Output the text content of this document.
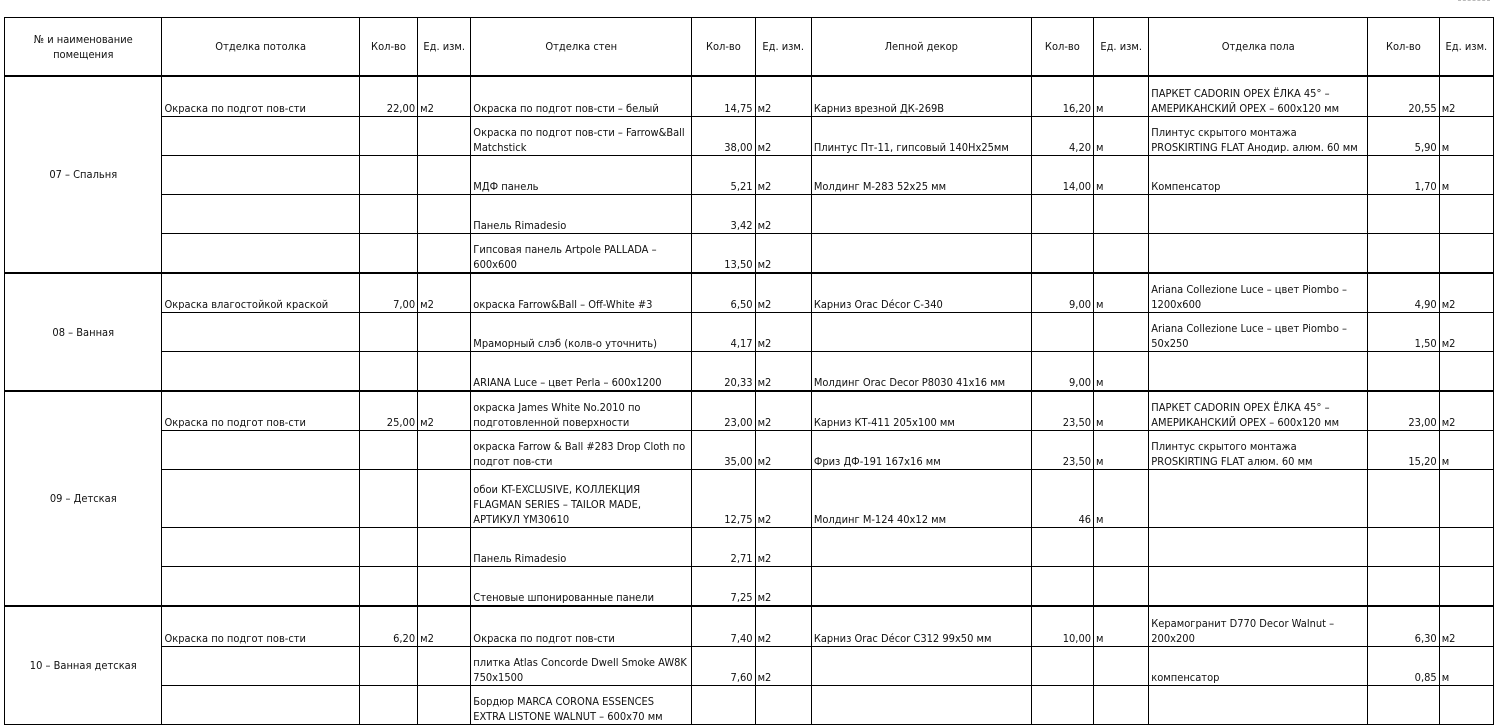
№ и наименование помещения	Отделка потолка	Кол-во	Ед. изм.	Отделка стен	Кол-во	Ед. изм.	Лепной декор	Кол-во	Ед. изм.	Отделка пола	Кол-во	Ед. изм.
07 – Спальня	Окраска по подгот пов-сти	22,00	м2	Окраска по подгот пов-сти – белый	14,75	м2	Карниз врезной ДК-269В	16,20	м	ПАРКЕТ CADORIN ОРЕХ ЁЛКА 45° – АМЕРИКАНСКИЙ ОРЕХ – 600х120 мм	20,55	м2
				Окраска по подгот пов-сти – Farrow&Ball Matchstick	38,00	м2	Плинтус Пт-11, гипсовый 140Нх25мм	4,20	м	Плинтус скрытого монтажа PROSKIRTING FLAT Анодир. алюм. 60 мм	5,90	м
				МДФ панель	5,21	м2	Молдинг М-283 52х25 мм	14,00	м	Компенсатор	1,70	м
				Панель Rimadesio	3,42	м2						
				Гипсовая панель Artpole PALLADA – 600х600	13,50	м2						
08 – Ванная	Окраска влагостойкой краской	7,00	м2	окраска Farrow&Ball – Off-White #3	6,50	м2	Карниз Orac Décor C-340	9,00	м	Ariana Collezione Luce – цвет Piombo – 1200х600	4,90	м2
				Мраморный слэб (колв-о уточнить)	4,17	м2				Ariana Collezione Luce – цвет Piombo – 50х250	1,50	м2
				ARIANA Luce – цвет Perla – 600х1200	20,33	м2	Молдинг Orac Decor P8030 41х16 мм	9,00	м			
09 – Детская	Окраска по подгот пов-сти	25,00	м2	окраска James White No.2010 по подготовленной поверхности	23,00	м2	Карниз КТ-411 205х100 мм	23,50	м	ПАРКЕТ CADORIN ОРЕХ ЁЛКА 45° – АМЕРИКАНСКИЙ ОРЕХ – 600х120 мм	23,00	м2
				окраска Farrow & Ball #283 Drop Cloth по подгот пов-сти	35,00	м2	Фриз ДФ-191 167х16 мм	23,50	м	Плинтус скрытого монтажа PROSKIRTING FLAT алюм. 60 мм	15,20	м
				обои KT-EXCLUSIVE, КОЛЛЕКЦИЯ FLAGMAN SERIES – TAILOR MADE, АРТИКУЛ YM30610	12,75	м2	Молдинг М-124 40х12 мм	46	м			
				Панель Rimadesio	2,71	м2						
				Стеновые шпонированные панели	7,25	м2						
10 – Ванная детская	Окраска по подгот пов-сти	6,20	м2	Окраска по подгот пов-сти	7,40	м2	Карниз Orac Décor C312 99х50 мм	10,00	м	Керамогранит D770 Decor Walnut – 200х200	6,30	м2
				плитка Atlas Concorde Dwell Smoke AW8K 750х1500	7,60	м2				компенсатор	0,85	м
				Бордюр MARCA CORONA ESSENCES EXTRA LISTONE WALNUT – 600х70 мм								
